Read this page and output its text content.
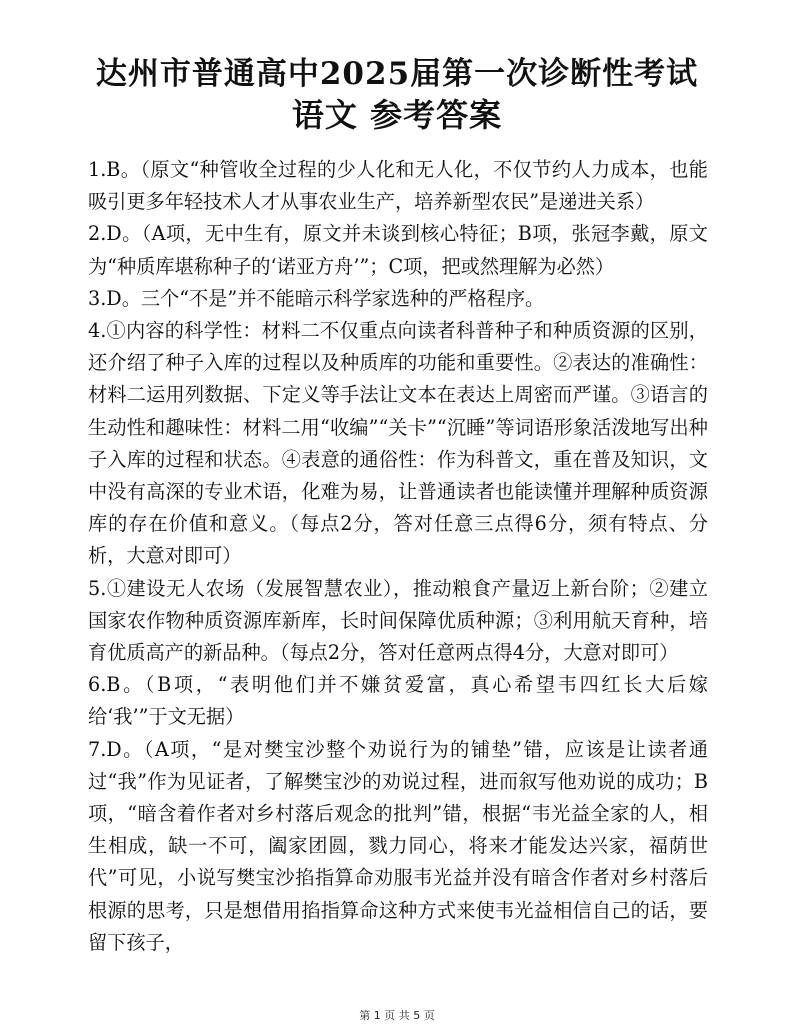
达州市普通高中2025届第一次诊断性考试
语文 参考答案

1.B。（原文“种管收全过程的少人化和无人化，不仅节约人力成本，也能吸引更多年轻技术人才从事农业生产，培养新型农民”是递进关系）

2.D。（A项，无中生有，原文并未谈到核心特征；B项，张冠李戴，原文为“种质库堪称种子的‘诺亚方舟’”；C项，把或然理解为必然）

3.D。三个“不是”并不能暗示科学家选种的严格程序。

4.①内容的科学性：材料二不仅重点向读者科普种子和种质资源的区别，还介绍了种子入库的过程以及种质库的功能和重要性。②表达的准确性：材料二运用列数据、下定义等手法让文本在表达上周密而严谨。③语言的生动性和趣味性：材料二用“收编”“关卡”“沉睡”等词语形象活泼地写出种子入库的过程和状态。④表意的通俗性：作为科普文，重在普及知识，文中没有高深的专业术语，化难为易，让普通读者也能读懂并理解种质资源库的存在价值和意义。（每点2分，答对任意三点得6分，须有特点、分析，大意对即可）

5.①建设无人农场（发展智慧农业），推动粮食产量迈上新台阶；②建立国家农作物种质资源库新库，长时间保障优质种源；③利用航天育种，培育优质高产的新品种。（每点2分，答对任意两点得4分，大意对即可）

6.B。（B项，“表明他们并不嫌贫爱富，真心希望韦四红长大后嫁给‘我’”于文无据）

7.D。（A项，“是对樊宝沙整个劝说行为的铺垫”错，应该是让读者通过“我”作为见证者，了解樊宝沙的劝说过程，进而叙写他劝说的成功；B项，“暗含着作者对乡村落后观念的批判”错，根据“韦光益全家的人，相生相成，缺一不可，阖家团圆，戮力同心，将来才能发达兴家，福荫世代”可见，小说写樊宝沙掐指算命劝服韦光益并没有暗含作者对乡村落后根源的思考，只是想借用掐指算命这种方式来使韦光益相信自己的话，要留下孩子，

第 1 页 共 5 页
